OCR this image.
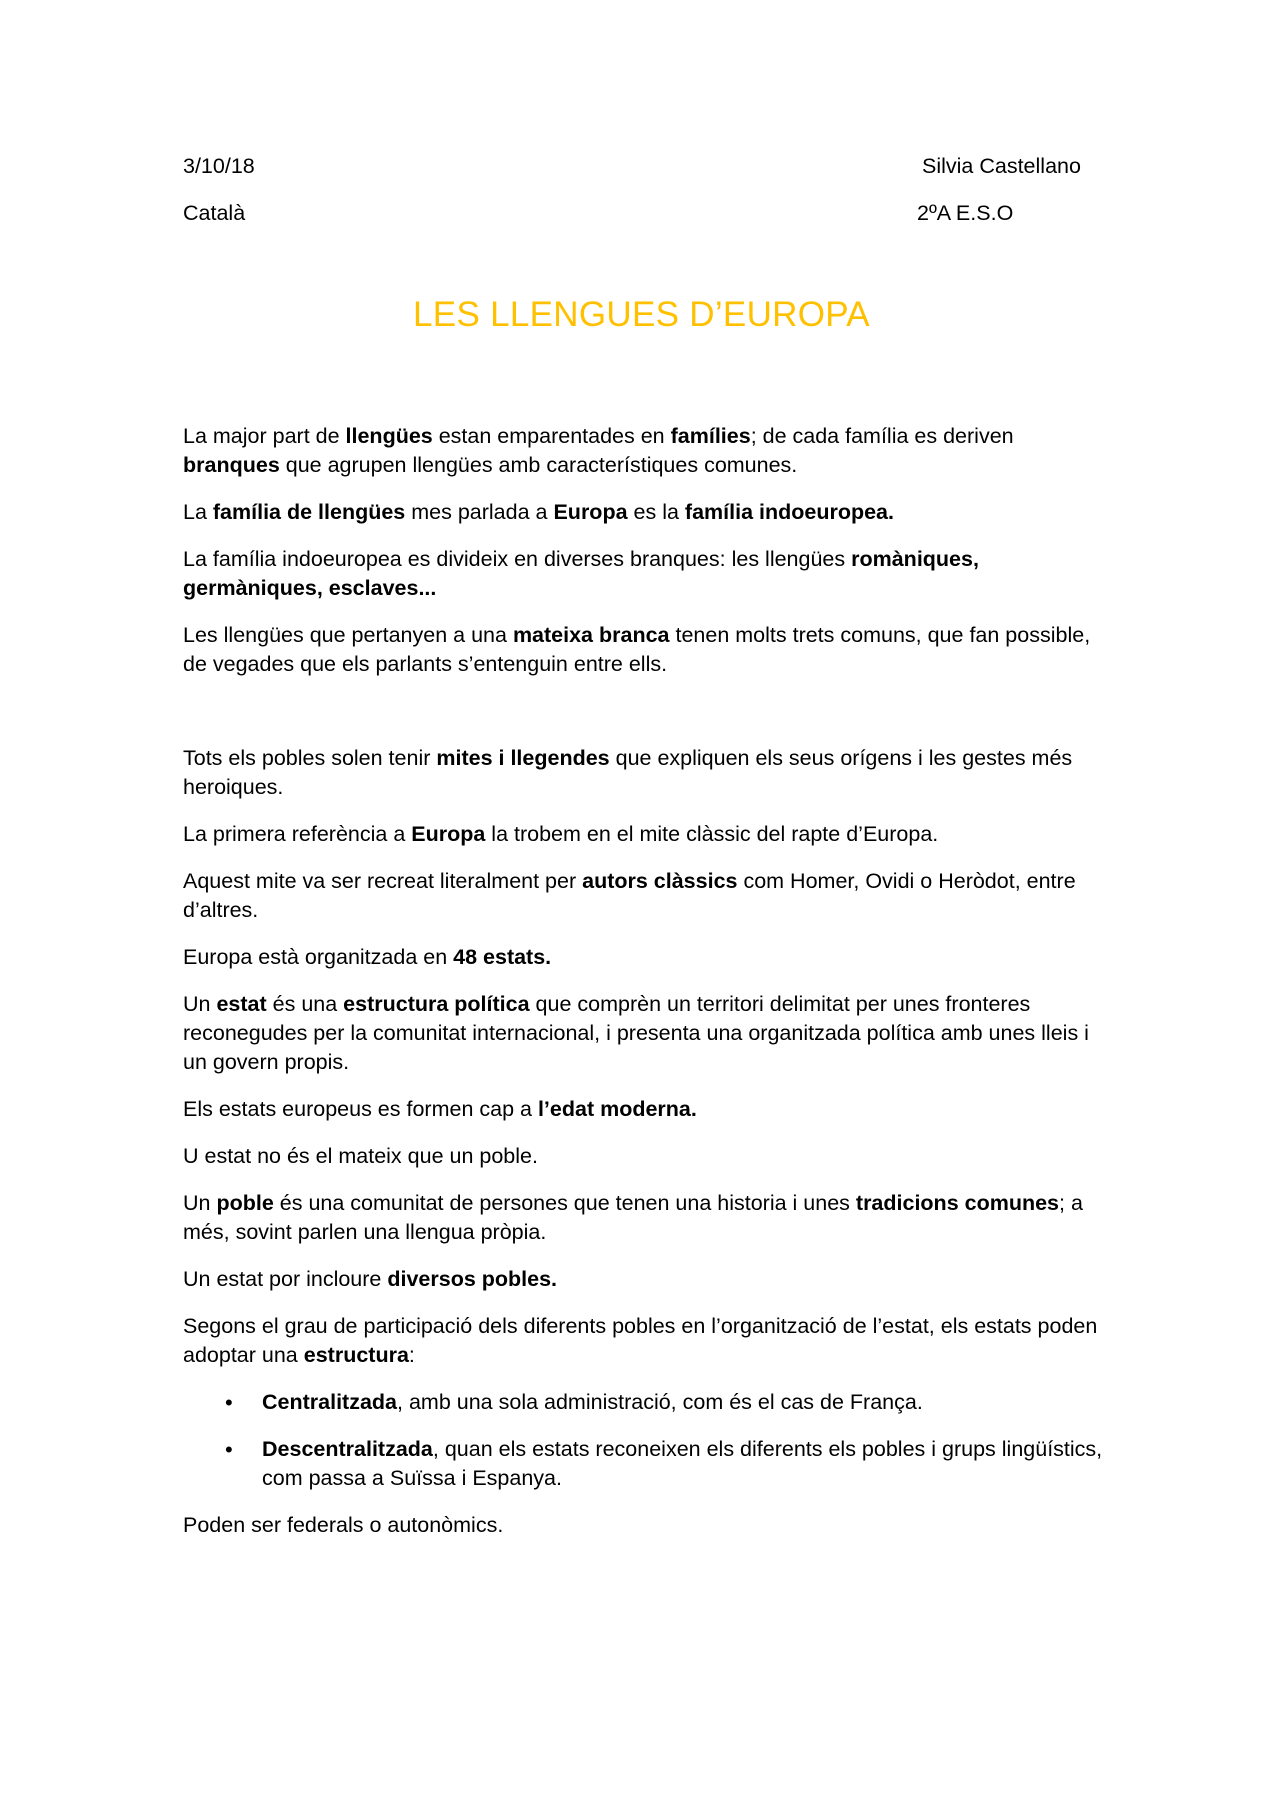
3/10/18	Silvia Castellano
Català	2ºA E.S.O
LES LLENGUES D’EUROPA

La major part de llengües estan emparentades en famílies; de cada família es deriven branques que agrupen llengües amb característiques comunes.

La família de llengües mes parlada a Europa es la família indoeuropea.

La família indoeuropea es divideix en diverses branques: les llengües romàniques, germàniques, esclaves...

Les llengües que pertanyen a una mateixa branca tenen molts trets comuns, que fan possible, de vegades que els parlants s’entenguin entre ells.

Tots els pobles solen tenir mites i llegendes que expliquen els seus orígens i les gestes més heroiques.

La primera referència a Europa la trobem en el mite clàssic del rapte d’Europa.

Aquest mite va ser recreat literalment per autors clàssics com Homer, Ovidi o Heròdot, entre d’altres.

Europa està organitzada en 48 estats.

Un estat és una estructura política que comprèn un territori delimitat per unes fronteres reconegudes per la comunitat internacional, i presenta una organitzada política amb unes lleis i un govern propis.

Els estats europeus es formen cap a l’edat moderna.

U estat no és el mateix que un poble.

Un poble és una comunitat de persones que tenen una historia i unes tradicions comunes; a més, sovint parlen una llengua pròpia.

Un estat por incloure diversos pobles.

Segons el grau de participació dels diferents pobles en l’organització de l’estat, els estats poden adoptar una estructura:

• Centralitzada, amb una sola administració, com és el cas de França.
• Descentralitzada, quan els estats reconeixen els diferents els pobles i grups lingüístics, com passa a Suïssa i Espanya.

Poden ser federals o autonòmics.
